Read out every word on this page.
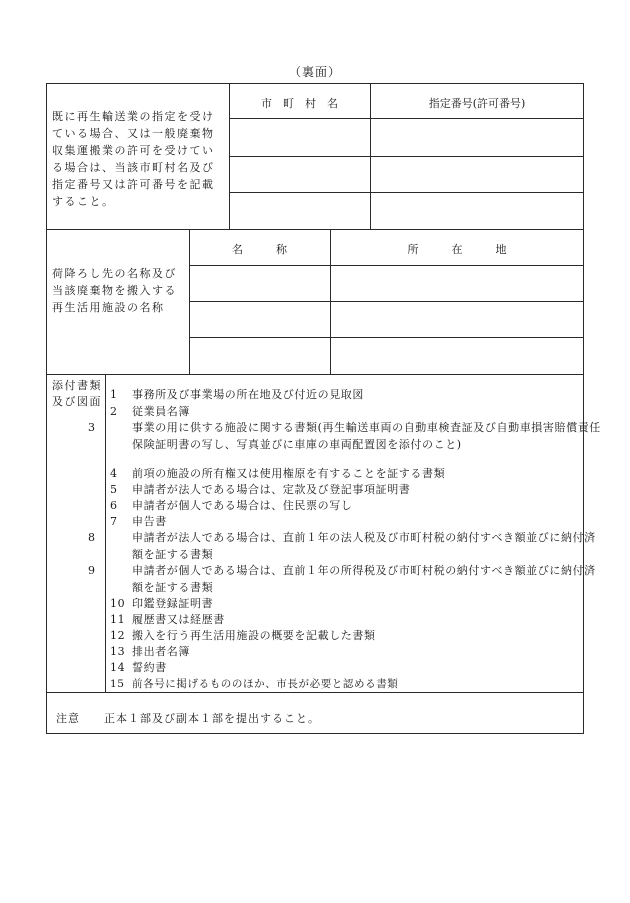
（裏面）
既に再生輸送業の指定を受けている場合、又は一般廃棄物収集運搬業の許可を受けている場合は、当該市町村名及び指定番号又は許可番号を記載すること。
市　町　村　名	指定番号(許可番号)
荷降ろし先の名称及び当該廃棄物を搬入する再生活用施設の名称
名　　　称	所　　　在　　　地
添付書類及び図面
1 事務所及び事業場の所在地及び付近の見取図
2 従業員名簿
3	事業の用に供する施設に関する書類(再生輸送車両の自動車検査証及び自動車損害賠償責任保険証明書の写し、写真並びに車庫の車両配置図を添付のこと)
4 前項の施設の所有権又は使用権原を有することを証する書類
5 申請者が法人である場合は、定款及び登記事項証明書
6 申請者が個人である場合は、住民票の写し
7 申告書
8	申請者が法人である場合は、直前１年の法人税及び市町村税の納付すべき額並びに納付済額を証する書類
9	申請者が個人である場合は、直前１年の所得税及び市町村税の納付すべき額並びに納付済額を証する書類
10 印鑑登録証明書
11 履歴書又は経歴書
12 搬入を行う再生活用施設の概要を記載した書類
13 排出者名簿
14 誓約書
15 前各号に掲げるもののほか、市長が必要と認める書類
注意　　正本１部及び副本１部を提出すること。
